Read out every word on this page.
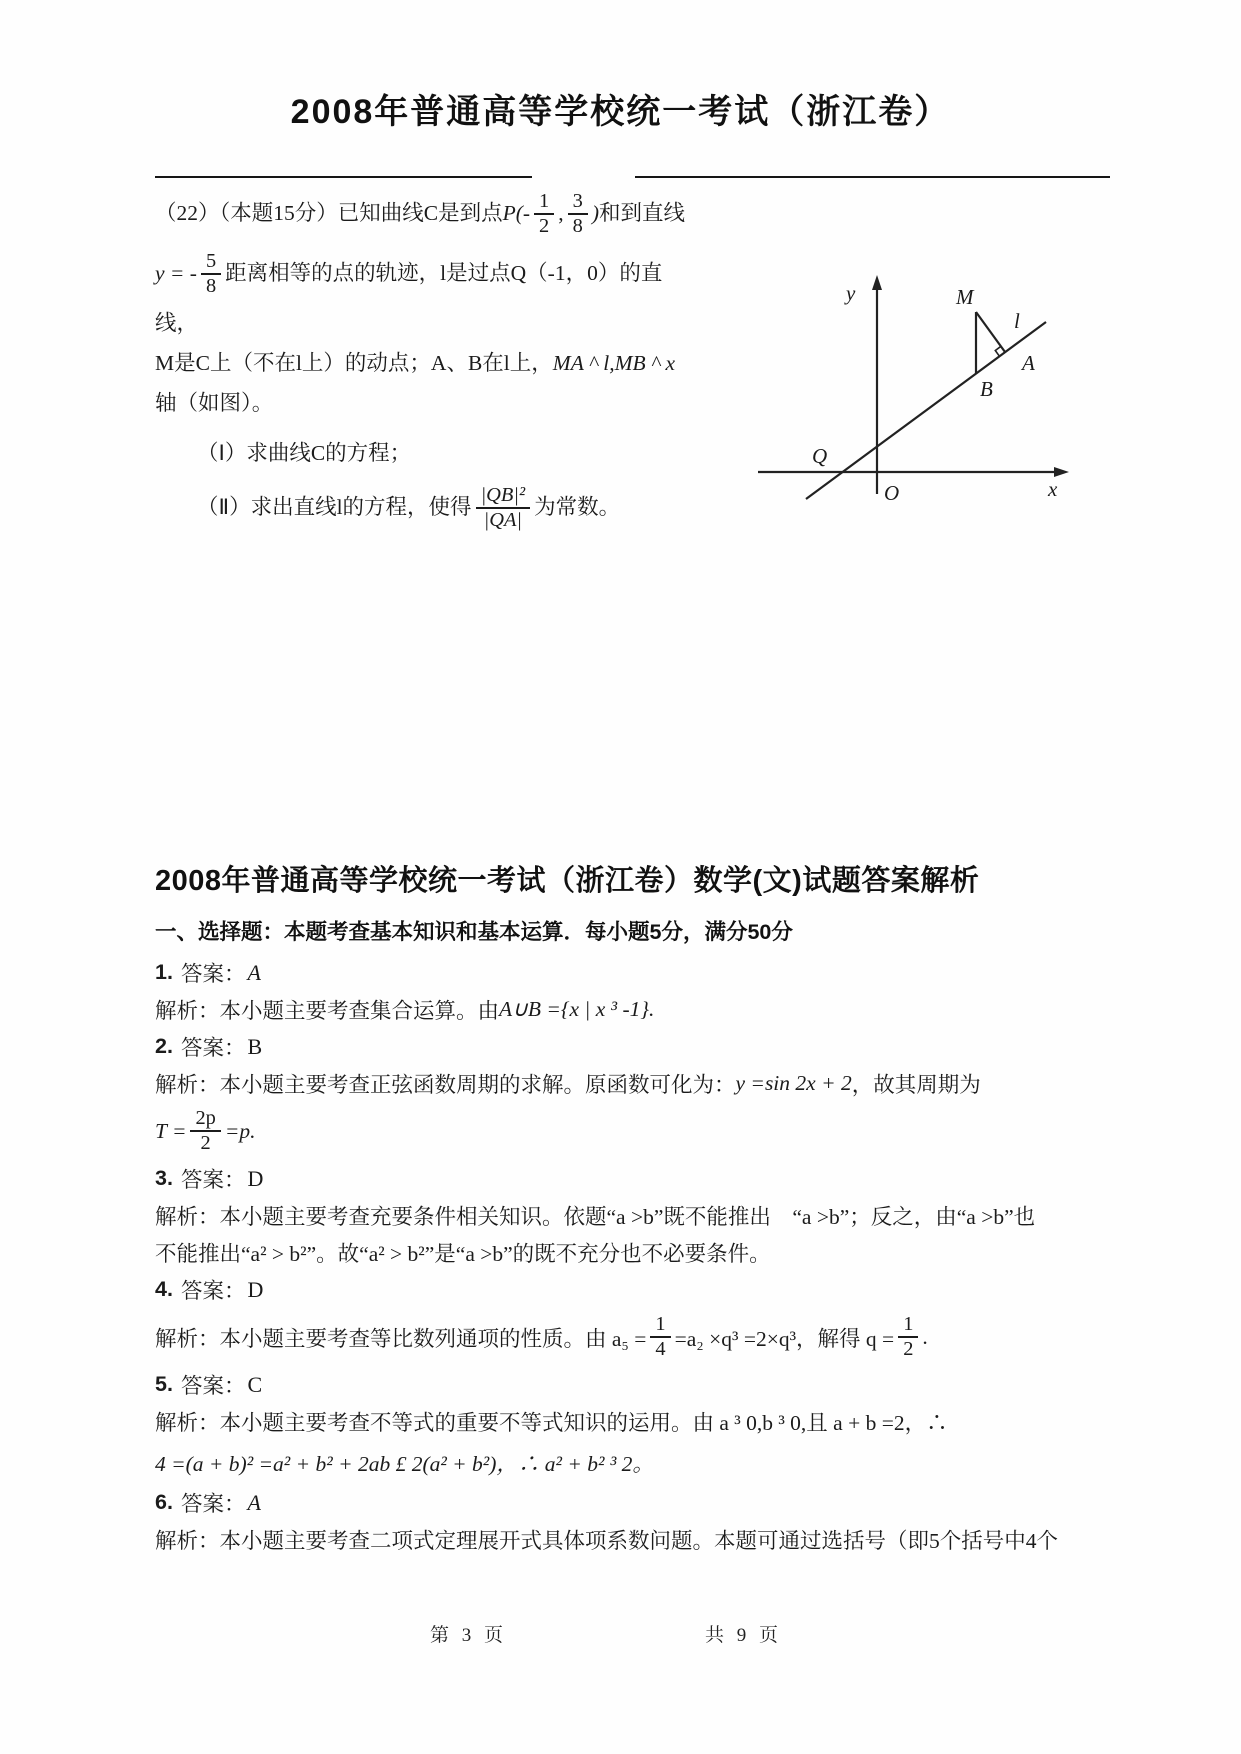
2008年普通高等学校统一考试（浙江卷）
（22）（本题15分）已知曲线C是到点 $P(- \frac{1}{2}$ , $\frac{3}{8}$ ) 和到直线
y = - $\frac{5}{8}$ 距离相等的点的轨迹，l是过点Q（-1，0）的直
线，
M是C上（不在l上）的动点；A、B在l上， MA ^ l,MB ^ x
轴（如图）。
（Ⅰ）求曲线C的方程；
（Ⅱ）求出直线l的方程，使得 $\frac{\text{|QB|²}}{|QA|}$ 为常数。
y
x
O
Q
M
l
A
B
2008年普通高等学校统一考试（浙江卷）数学(文)试题答案解析
一、选择题：本题考查基本知识和基本运算．每小题5分，满分50分
1. 答案： A
解析：本小题主要考查集合运算。由 A∪B ={x | x ³ -1}.
2. 答案： B
解析：本小题主要考查正弦函数周期的求解。原函数可化为： y =sin 2x + 2 ，故其周期为
$T = \frac{2p}{2} =p$.
3. 答案： D
解析：本小题主要考查充要条件相关知识。依题“a >b”既不能推出　“a >b”；反之，由“a >b”也
不能推出“a² > b²”。故“a² > b²”是“a >b”的既不充分也不必要条件。
4. 答案： D
解析：本小题主要考查等比数列通项的性质。由 $a_5 = \frac{1}{4} =a_2 \times q^3 =2\times q^3$，解得 $q = \frac{1}{2}$ .
5. 答案： C
解析：本小题主要考查不等式的重要不等式知识的运用。由 a ³ 0,b ³ 0,且 a + b =2，∴
4 =(a + b)² =a² + b² + 2ab £ 2(a² + b²)，∴ a² + b² ³ 2。
6. 答案： A
解析：本小题主要考查二项式定理展开式具体项系数问题。本题可通过选括号（即5个括号中4个
第 3 页	共 9 页
